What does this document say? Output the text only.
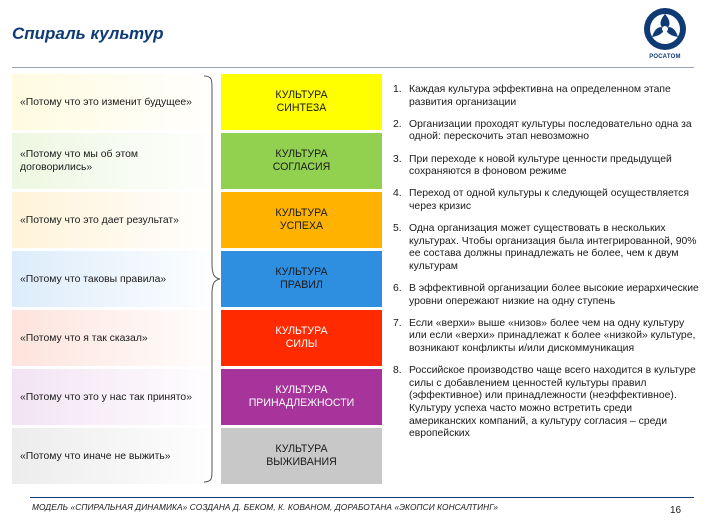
Спираль культур
РОСАТОМ
«Потому что это изменит будущее»
КУЛЬТУРА
СИНТЕЗА
«Потому что мы об этом договорились»
КУЛЬТУРА
СОГЛАСИЯ
«Потому что это дает результат»
КУЛЬТУРА
УСПЕХА
«Потому что таковы правила»
КУЛЬТУРА
ПРАВИЛ
«Потому что я так сказал»
КУЛЬТУРА
СИЛЫ
«Потому что это у нас так принято»
КУЛЬТУРА
ПРИНАДЛЕЖНОСТИ
«Потому что иначе не выжить»
КУЛЬТУРА
ВЫЖИВАНИЯ
1. Каждая культура эффективна на определенном этапе развития организации
2. Организации проходят культуры последовательно одна за одной: перескочить этап невозможно
3. При переходе к новой культуре ценности предыдущей сохраняются в фоновом режиме
4. Переход от одной культуры к следующей осуществляется через кризис
5. Одна организация может существовать в нескольких культурах. Чтобы организация была интегрированной, 90% ее состава должны принадлежать не более, чем к двум культурам
6. В эффективной организации более высокие иерархические уровни опережают низкие на одну ступень
7. Если «верхи» выше «низов» более чем на одну культуру или если «верхи» принадлежат к более «низкой» культуре, возникают конфликты и/или дискоммуникация
8. Российское производство чаще всего находится в культуре силы с добавлением ценностей культуры правил (эффективное) или принадлежности (неэффективное). Культуру успеха часто можно встретить среди американских компаний, а культуру согласия – среди европейских
МОДЕЛЬ «СПИРАЛЬНАЯ ДИНАМИКА» СОЗДАНА Д. БЕКОМ, К. КОВАНОМ, ДОРАБОТАНА «ЭКОПСИ КОНСАЛТИНГ»	16
